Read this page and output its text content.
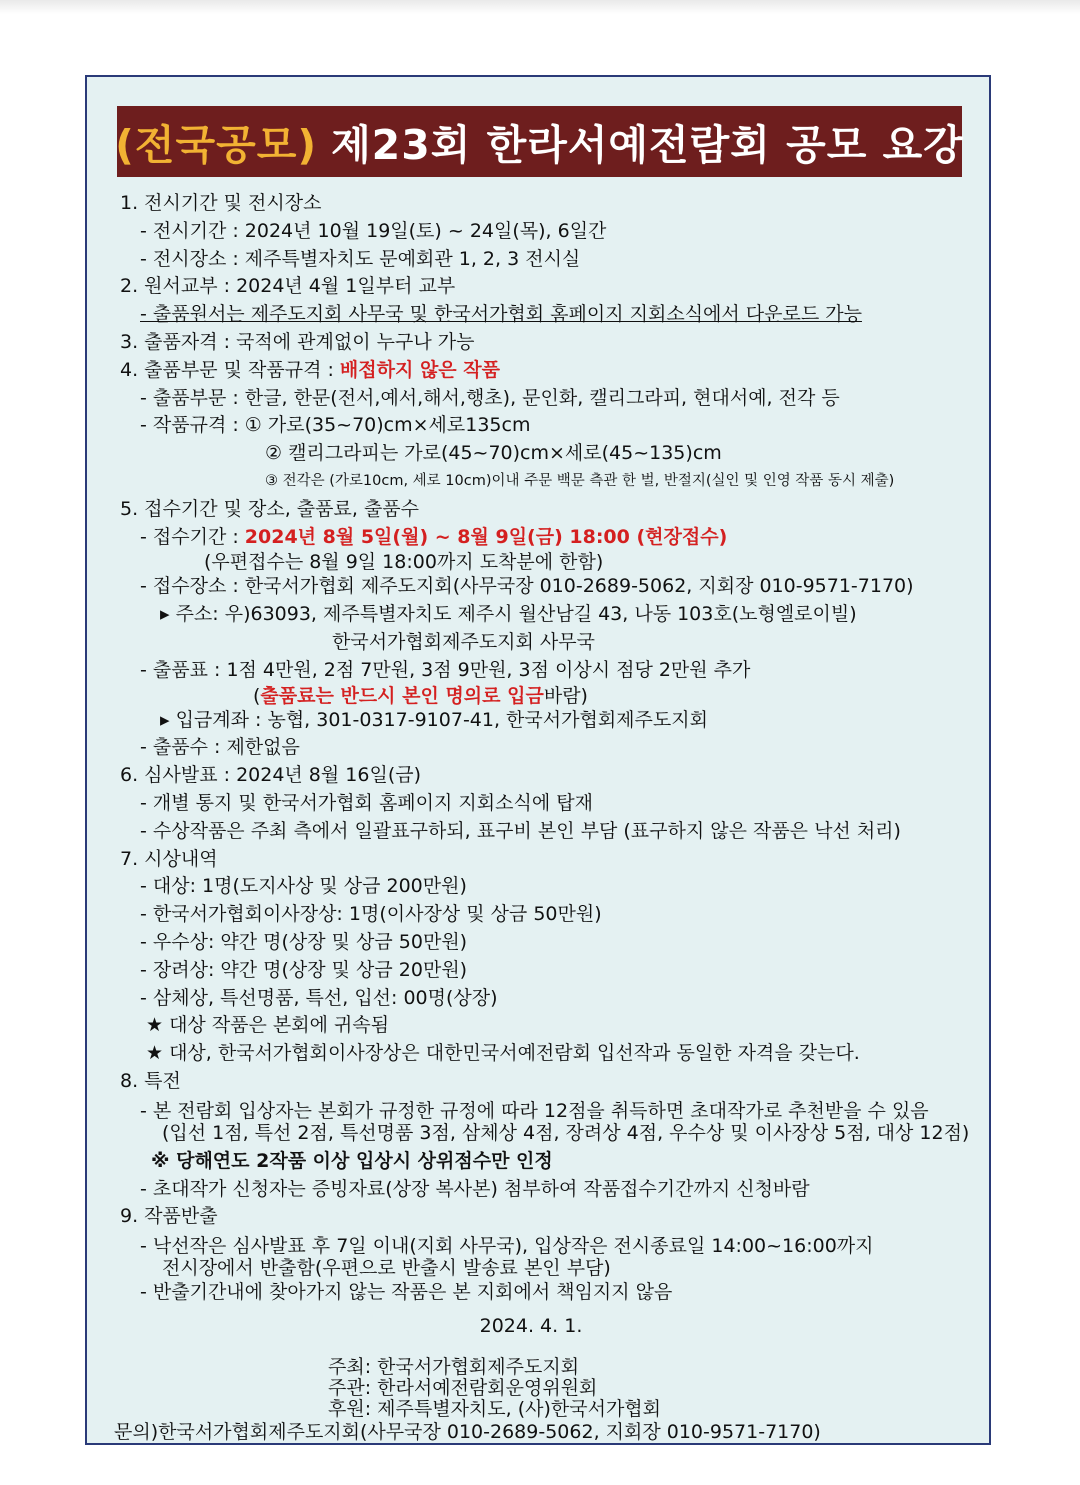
(전국공모) 제23회 한라서예전람회 공모 요강
1. 전시기간 및 전시장소
- 전시기간 : 2024년 10월 19일(토) ~ 24일(목), 6일간
- 전시장소 : 제주특별자치도 문예회관 1, 2, 3 전시실
2. 원서교부 : 2024년 4월 1일부터 교부
- 출품원서는 제주도지회 사무국 및 한국서가협회 홈페이지 지회소식에서 다운로드 가능
3. 출품자격 : 국적에 관계없이 누구나 가능
4. 출품부문 및 작품규격 : 배접하지 않은 작품
- 출품부문 : 한글, 한문(전서,예서,해서,행초), 문인화, 캘리그라피, 현대서예, 전각 등
- 작품규격 : ① 가로(35~70)cm×세로135cm
② 캘리그라피는 가로(45~70)cm×세로(45~135)cm
③ 전각은 (가로10cm, 세로 10cm)이내 주문 백문 측관 한 벌, 반절지(실인 및 인영 작품 동시 제출)
5. 접수기간 및 장소, 출품료, 출품수
- 접수기간 : 2024년 8월 5일(월) ~ 8월 9일(금) 18:00 (현장접수)
(우편접수는 8월 9일 18:00까지 도착분에 한함)
- 접수장소 : 한국서가협회 제주도지회(사무국장 010-2689-5062, 지회장 010-9571-7170)
▸ 주소: 우)63093, 제주특별자치도 제주시 월산남길 43, 나동 103호(노형엘로이빌)
한국서가협회제주도지회 사무국
- 출품표 : 1점 4만원, 2점 7만원, 3점 9만원, 3점 이상시 점당 2만원 추가
(출품료는 반드시 본인 명의로 입금바람)
▸ 입금계좌 : 농협, 301-0317-9107-41, 한국서가협회제주도지회
- 출품수 : 제한없음
6. 심사발표 : 2024년 8월 16일(금)
- 개별 통지 및 한국서가협회 홈페이지 지회소식에 탑재
- 수상작품은 주최 측에서 일괄표구하되, 표구비 본인 부담 (표구하지 않은 작품은 낙선 처리)
7. 시상내역
- 대상: 1명(도지사상 및 상금 200만원)
- 한국서가협회이사장상: 1명(이사장상 및 상금 50만원)
- 우수상: 약간 명(상장 및 상금 50만원)
- 장려상: 약간 명(상장 및 상금 20만원)
- 삼체상, 특선명품, 특선, 입선: 00명(상장)
★ 대상 작품은 본회에 귀속됨
★ 대상, 한국서가협회이사장상은 대한민국서예전람회 입선작과 동일한 자격을 갖는다.
8. 특전
- 본 전람회 입상자는 본회가 규정한 규정에 따라 12점을 취득하면 초대작가로 추천받을 수 있음
(입선 1점, 특선 2점, 특선명품 3점, 삼체상 4점, 장려상 4점, 우수상 및 이사장상 5점, 대상 12점)
※ 당해연도 2작품 이상 입상시 상위점수만 인정
- 초대작가 신청자는 증빙자료(상장 복사본) 첨부하여 작품접수기간까지 신청바람
9. 작품반출
- 낙선작은 심사발표 후 7일 이내(지회 사무국), 입상작은 전시종료일 14:00~16:00까지
전시장에서 반출함(우편으로 반출시 발송료 본인 부담)
- 반출기간내에 찾아가지 않는 작품은 본 지회에서 책임지지 않음
2024. 4. 1.
주최: 한국서가협회제주도지회
주관: 한라서예전람회운영위원회
후원: 제주특별자치도, (사)한국서가협회
문의)한국서가협회제주도지회(사무국장 010-2689-5062, 지회장 010-9571-7170)
